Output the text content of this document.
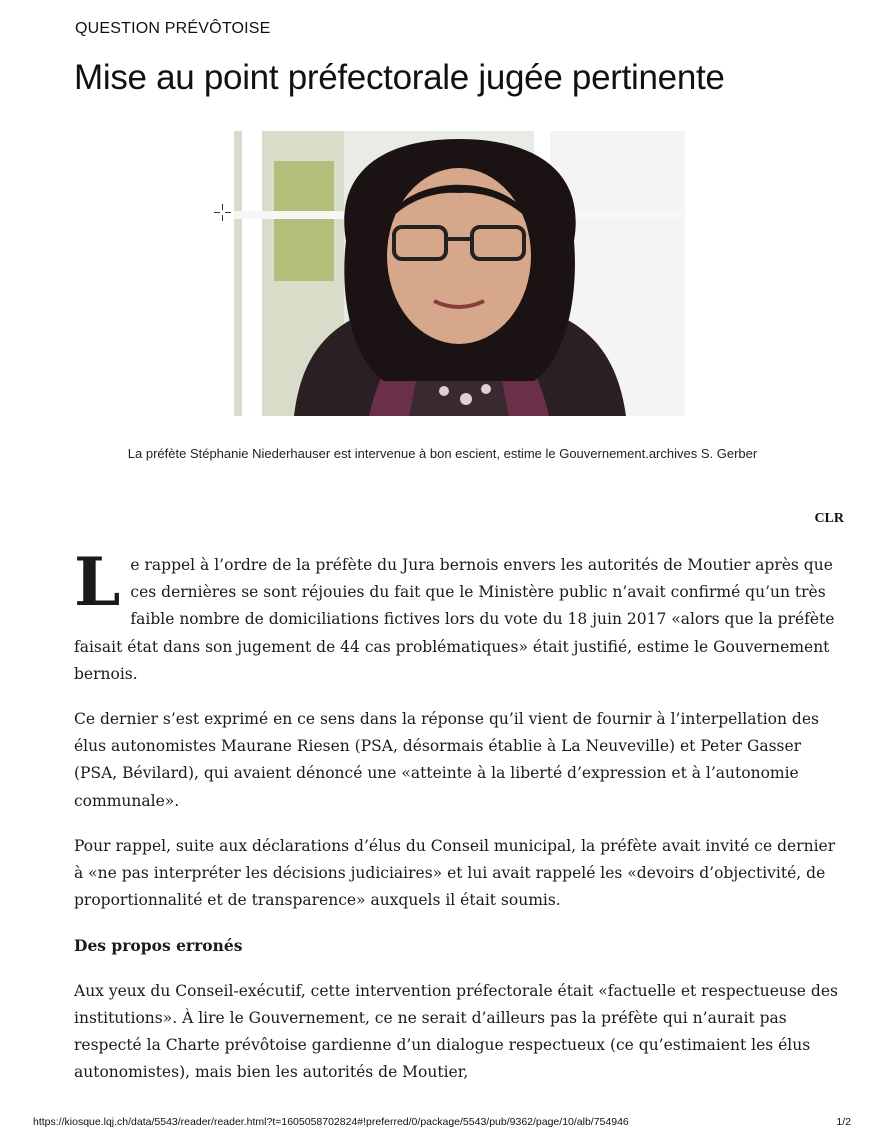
QUESTION PRÉVÔTOISE
Mise au point préfectorale jugée pertinente
La préfète Stéphanie Niederhauser est intervenue à bon escient, estime le Gouvernement.archives S. Gerber
CLR

Le rappel à l’ordre de la préfète du Jura bernois envers les autorités de Moutier après que ces dernières se sont réjouies du fait que le Ministère public n’avait confirmé qu’un très faible nombre de domiciliations fictives lors du vote du 18 juin 2017 «alors que la préfète faisait état dans son jugement de 44 cas problématiques» était justifié, estime le Gouvernement bernois.

Ce dernier s’est exprimé en ce sens dans la réponse qu’il vient de fournir à l’interpellation des élus autonomistes Maurane Riesen (PSA, désormais établie à La Neuveville) et Peter Gasser (PSA, Bévilard), qui avaient dénoncé une «atteinte à la liberté d’expression et à l’autonomie communale».

Pour rappel, suite aux déclarations d’élus du Conseil municipal, la préfète avait invité ce dernier à «ne pas interpréter les décisions judiciaires» et lui avait rappelé les «devoirs d’objectivité, de proportionnalité et de transparence» auxquels il était soumis.

Des propos erronés

Aux yeux du Conseil-exécutif, cette intervention préfectorale était «factuelle et respectueuse des institutions». À lire le Gouvernement, ce ne serait d’ailleurs pas la préfète qui n’aurait pas respecté la Charte prévôtoise gardienne d’un dialogue respectueux (ce qu’estimaient les élus autonomistes), mais bien les autorités de Moutier,

https://kiosque.lqj.ch/data/5543/reader/reader.html?t=1605058702824#!preferred/0/package/5543/pub/9362/page/10/alb/754946	1/2
